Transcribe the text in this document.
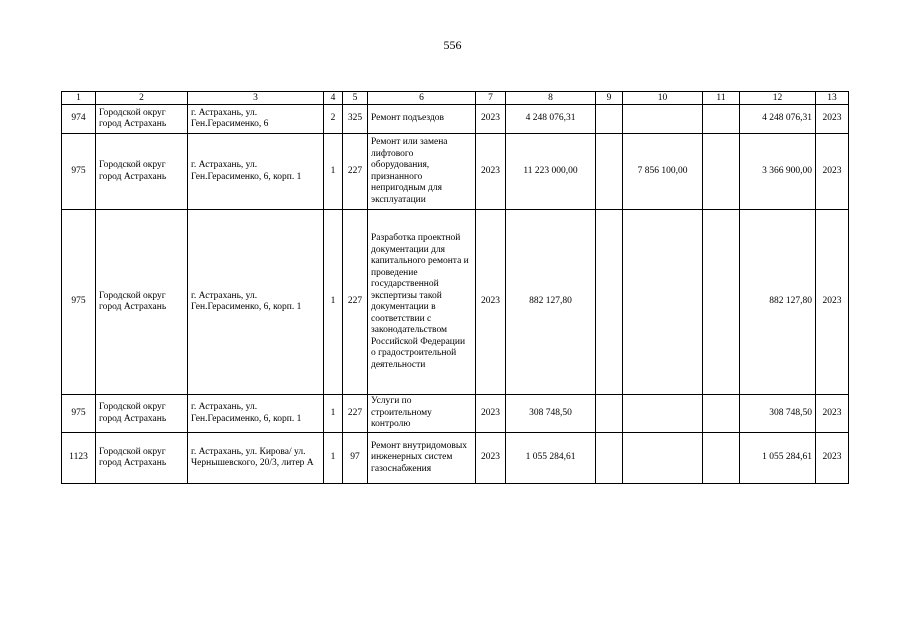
556
1	2	3	4	5	6	7	8	9	10	11	12	13
974	Городской округ город Астрахань	г. Астрахань, ул. Ген.Герасименко, 6	2	325	Ремонт подъездов	2023	4 248 076,31				4 248 076,31	2023
975	Городской округ город Астрахань	г. Астрахань, ул. Ген.Герасименко, 6, корп. 1	1	227	Ремонт или замена лифтового оборудования, признанного непригодным для эксплуатации	2023	11 223 000,00		7 856 100,00		3 366 900,00	2023
975	Городской округ город Астрахань	г. Астрахань, ул. Ген.Герасименко, 6, корп. 1	1	227	Разработка проектной документации для капитального ремонта и проведение государственной экспертизы такой документации в соответствии с законодательством Российской Федерации о градостроительной деятельности	2023	882 127,80				882 127,80	2023
975	Городской округ город Астрахань	г. Астрахань, ул. Ген.Герасименко, 6, корп. 1	1	227	Услуги по строительному контролю	2023	308 748,50				308 748,50	2023
1123	Городской округ город Астрахань	г. Астрахань, ул. Кирова/ ул. Чернышевского, 20/3, литер А	1	97	Ремонт внутридомовых инженерных систем газоснабжения	2023	1 055 284,61				1 055 284,61	2023
